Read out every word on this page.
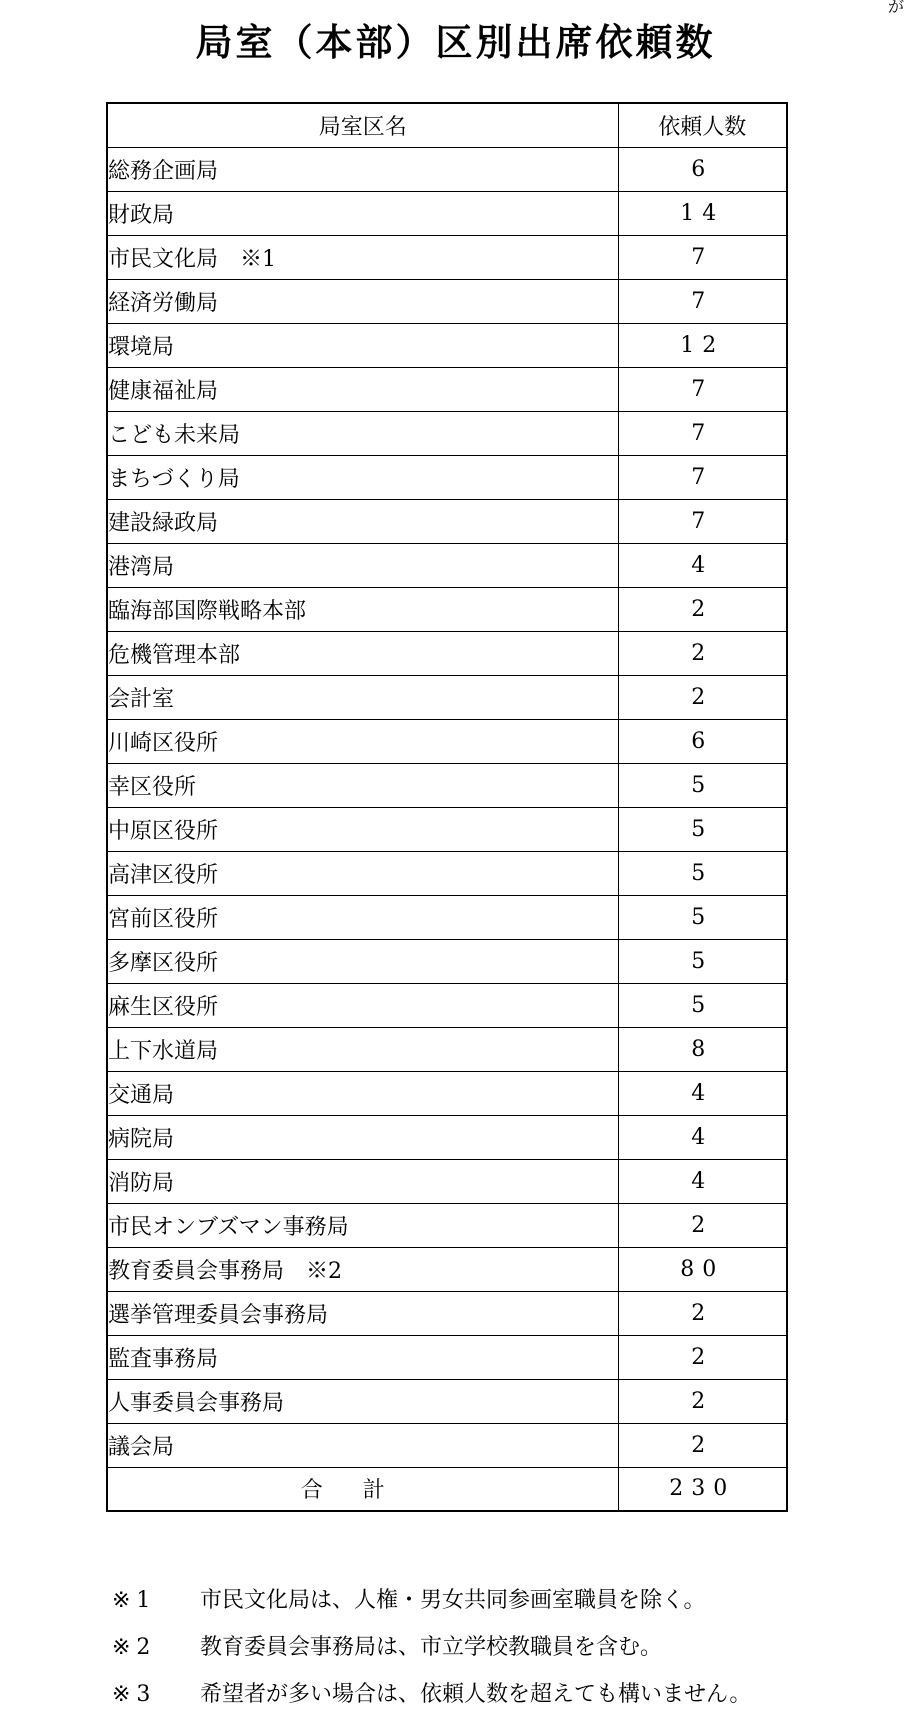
が
局室（本部）区別出席依頼数
局室区名	依頼人数
総務企画局	6
財政局	14
市民文化局　※1	7
経済労働局	7
環境局	12
健康福祉局	7
こども未来局	7
まちづくり局	7
建設緑政局	7
港湾局	4
臨海部国際戦略本部	2
危機管理本部	2
会計室	2
川崎区役所	6
幸区役所	5
中原区役所	5
高津区役所	5
宮前区役所	5
多摩区役所	5
麻生区役所	5
上下水道局	8
交通局	4
病院局	4
消防局	4
市民オンブズマン事務局	2
教育委員会事務局　※2	80
選挙管理委員会事務局	2
監査事務局	2
人事委員会事務局	2
議会局	2
合計	230
※1 市民文化局は、人権・男女共同参画室職員を除く。
※2 教育委員会事務局は、市立学校教職員を含む。
※3 希望者が多い場合は、依頼人数を超えても構いません。
